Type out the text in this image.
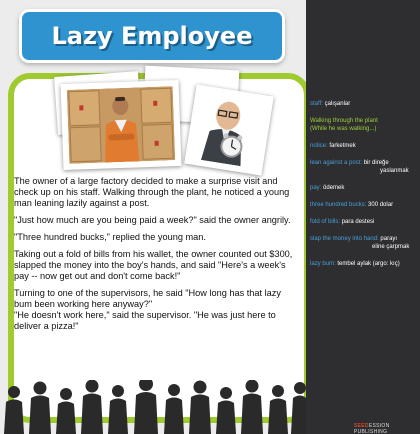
Lazy Employee

The owner of a large factory decided to make a surprise visit and check up on his staff. Walking through the plant, he noticed a young man leaning lazily against a post.

"Just how much are you being paid a week?" said the owner angrily.

"Three hundred bucks," replied the young man.

Taking out a fold of bills from his wallet, the owner counted out $300, slapped the money into the boy's hands, and said "Here's a week's pay -- now get out and don't come back!"

Turning to one of the supervisors, he said "How long has that lazy bum been working here anyway?"

"He doesn't work here," said the supervisor. "He was just here to deliver a pizza!"

staff: çalışanlar
Walking through the plant
(While he was walking...)
notice: farketmek
lean against a post: bir direğe
yaslanmak
pay: ödemek
three hundred bucks: 300 dolar
fold of bills: para destesi
slap the money into hand: parayı
eline çarpmak
lazy bum: tembel aylak (argo: kıç)
SEEDESSION PUBLISHING
